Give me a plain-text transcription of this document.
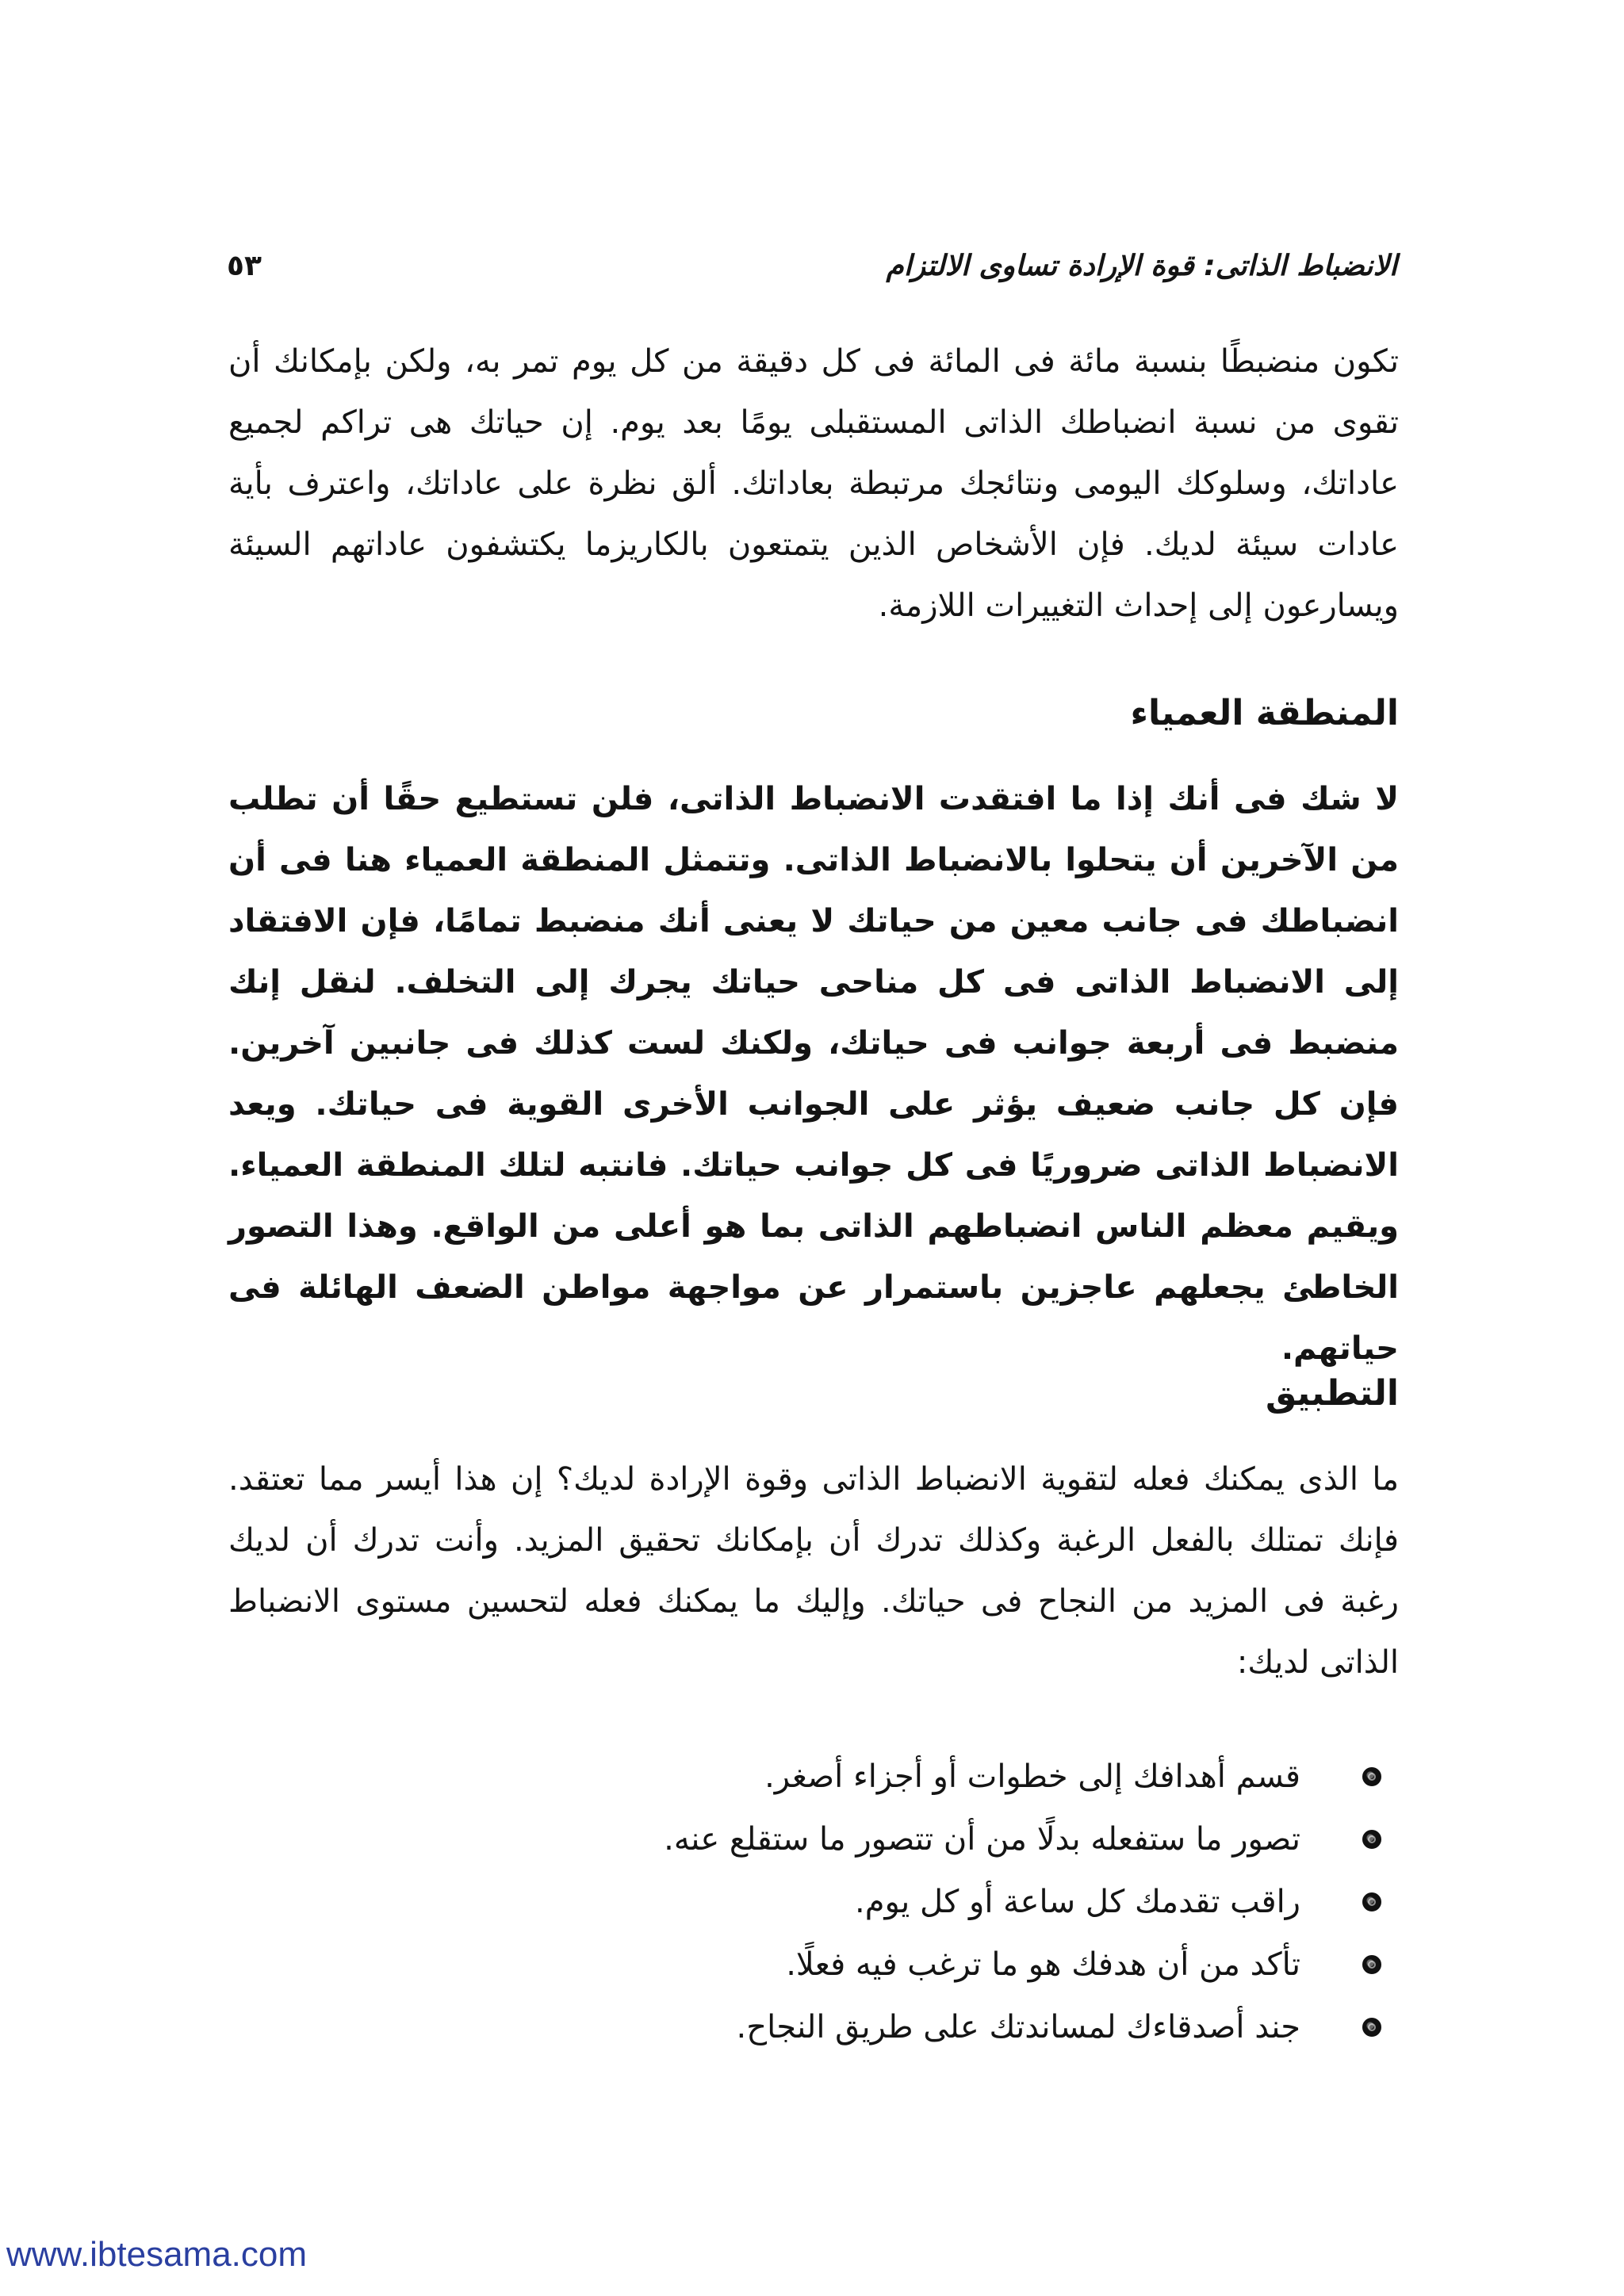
الانضباط الذاتى: قوة الإرادة تساوى الالتزام
٥٣

تكون منضبطًا بنسبة مائة فى المائة فى كل دقيقة من كل يوم تمر به، ولكن بإمكانك أن تقوى من نسبة انضباطك الذاتى المستقبلى يومًا بعد يوم. إن حياتك هى تراكم لجميع عاداتك، وسلوكك اليومى ونتائجك مرتبطة بعاداتك. ألق نظرة على عاداتك، واعترف بأية عادات سيئة لديك. فإن الأشخاص الذين يتمتعون بالكاريزما يكتشفون عاداتهم السيئة ويسارعون إلى إحداث التغييرات اللازمة.

المنطقة العمياء

لا شك فى أنك إذا ما افتقدت الانضباط الذاتى، فلن تستطيع حقًا أن تطلب من الآخرين أن يتحلوا بالانضباط الذاتى. وتتمثل المنطقة العمياء هنا فى أن انضباطك فى جانب معين من حياتك لا يعنى أنك منضبط تمامًا، فإن الافتقاد إلى الانضباط الذاتى فى كل مناحى حياتك يجرك إلى التخلف. لنقل إنك منضبط فى أربعة جوانب فى حياتك، ولكنك لست كذلك فى جانبين آخرين. فإن كل جانب ضعيف يؤثر على الجوانب الأخرى القوية فى حياتك. ويعد الانضباط الذاتى ضروريًا فى كل جوانب حياتك. فانتبه لتلك المنطقة العمياء. ويقيم معظم الناس انضباطهم الذاتى بما هو أعلى من الواقع. وهذا التصور الخاطئ يجعلهم عاجزين باستمرار عن مواجهة مواطن الضعف الهائلة فى حياتهم.

التطبيق

ما الذى يمكنك فعله لتقوية الانضباط الذاتى وقوة الإرادة لديك؟ إن هذا أيسر مما تعتقد. فإنك تمتلك بالفعل الرغبة وكذلك تدرك أن بإمكانك تحقيق المزيد. وأنت تدرك أن لديك رغبة فى المزيد من النجاح فى حياتك. وإليك ما يمكنك فعله لتحسين مستوى الانضباط الذاتى لديك:

قسم أهدافك إلى خطوات أو أجزاء أصغر.
تصور ما ستفعله بدلًا من أن تتصور ما ستقلع عنه.
راقب تقدمك كل ساعة أو كل يوم.
تأكد من أن هدفك هو ما ترغب فيه فعلًا.
جند أصدقاءك لمساندتك على طريق النجاح.
www.ibtesama.com
